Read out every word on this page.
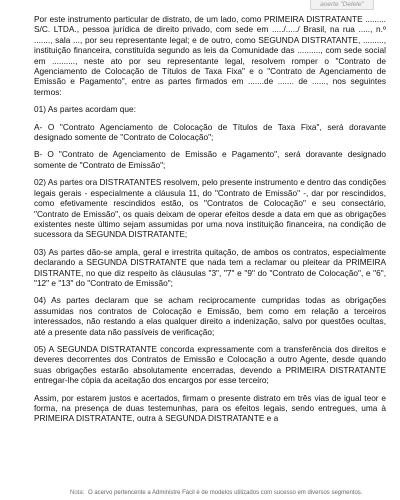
aoerte "Delete"

Por este instrumento particular de distrato, de um lado, como PRIMEIRA DISTRATANTE ......... S/C. LTDA., pessoa jurídica de direito privado, com sede em ...../...../ Brasil, na rua ....., n.º ......., sala ..., por seu representante legal; e de outro, como SEGUNDA DISTRATANTE, ........., instituição financeira, constituída segundo as leis da Comunidade das .........., com sede social em .........., neste ato por seu representante legal, resolvem romper o "Contrato de Agenciamento de Colocação de Títulos de Taxa Fixa" e o "Contrato de Agenciamento de Emissão e Pagamento", entre as partes firmados em .......de ....... de ......, nos seguintes termos:

01) As partes acordam que:

A- O "Contrato Agenciamento de Colocação de Títulos de Taxa Fixa", será doravante designado somente de "Contrato de Colocação";

B- O "Contrato de Agenciamento de Emissão e Pagamento", será doravante designado somente de "Contrato de Emissão";

02) As partes ora DISTRATANTES resolvem, pelo presente instrumento e dentro das condições legais gerais - especialmente a cláusula 11, do "Contrato de Emissão" -, dar por rescindidos, como efetivamente rescindidos estão, os "Contratos de Colocação" e seu consectário, "Contrato de Emissão", os quais deixam de operar efeitos desde a data em que as obrigações existentes neste último sejam assumidas por uma nova instituição financeira, na condição de sucessora da SEGUNDA DISTRATANTE;

03) As partes dão-se ampla, geral e irrestrita quitação, de ambos os contratos, especialmente declarando a SEGUNDA DISTRATANTE que nada tem a reclamar ou pleitear da PRIMEIRA DISTRANTE, no que diz respeito às cláusulas "3", "7" e "9" do "Contrato de Colocação", e "6", "12" e "13" do "Contrato de Emissão";

04) As partes declaram que se acham reciprocamente cumpridas todas as obrigações assumidas nos contratos de Colocação e Emissão, bem como em relação a terceiros interessados, não restando a elas qualquer direito a indenização, salvo por questões ocultas, até a presente data não passíveis de verificação;

05) A SEGUNDA DISTRATANTE concorda expressamente com a transferência dos direitos e deveres decorrentes dos Contratos de Emissão e Colocação a outro Agente, desde quando suas obrigações estarão absolutamente encerradas, devendo a PRIMEIRA DISTRATANTE entregar-lhe cópia da aceitação dos encargos por esse terceiro;

Assim, por estarem justos e acertados, firmam o presente distrato em três vias de igual teor e forma, na presença de duas testemunhas, para os efeitos legais, sendo entregues, uma à PRIMEIRA DISTRATANTE, outra à SEGUNDA DISTRATANTE e a

Nota: O acervo pertencente a Administre Fácil é de modelos utilizados com sucesso em diversos segmentos.
